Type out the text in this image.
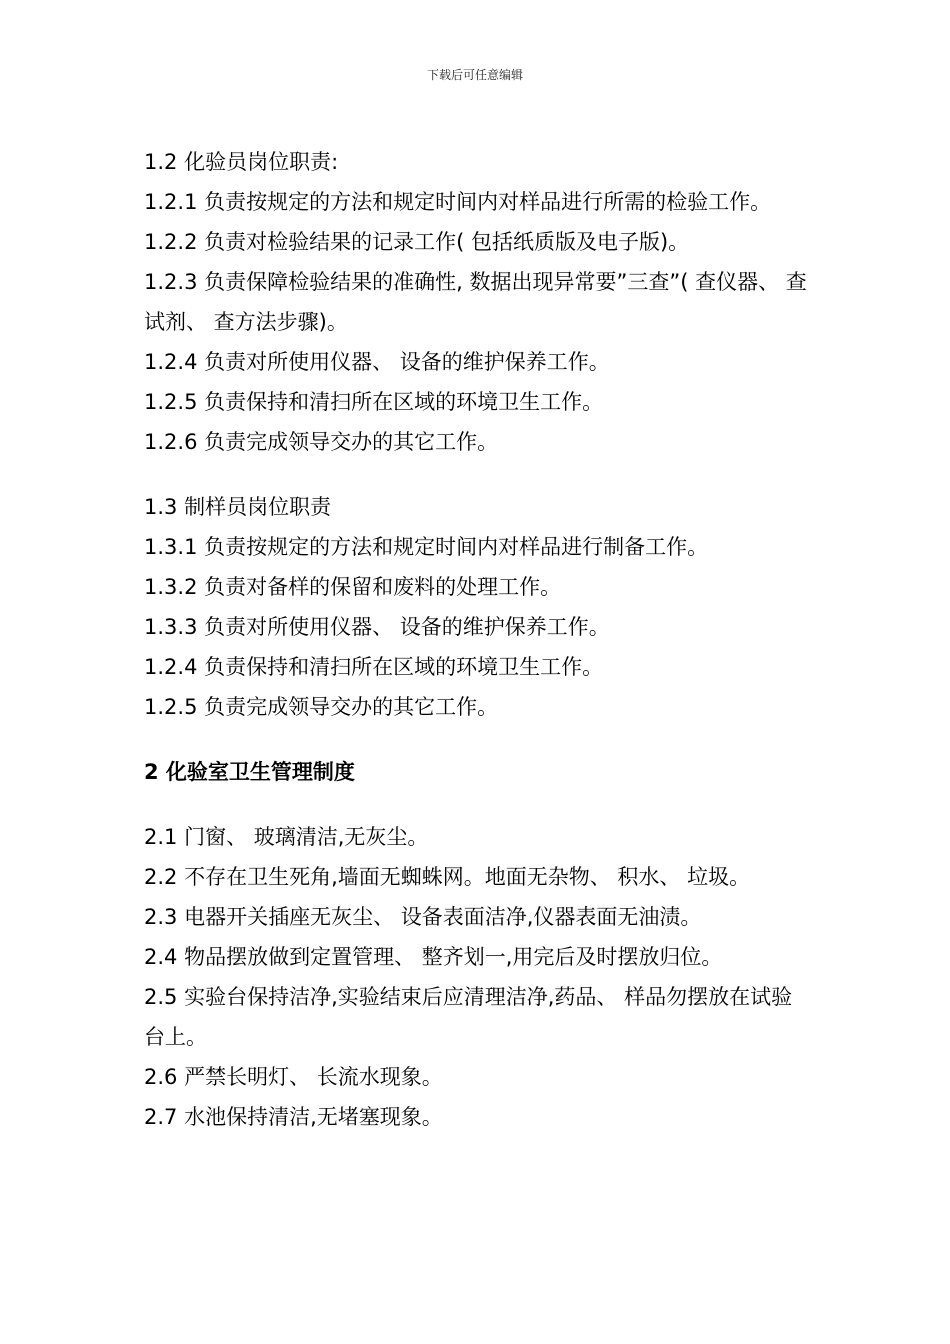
下载后可任意编辑

1.2 化验员岗位职责:

1.2.1 负责按规定的方法和规定时间内对样品进行所需的检验工作。

1.2.2 负责对检验结果的记录工作( 包括纸质版及电子版)。

1.2.3 负责保障检验结果的准确性, 数据出现异常要”三查”( 查仪器、 查试剂、 查方法步骤)。

1.2.4 负责对所使用仪器、 设备的维护保养工作。

1.2.5 负责保持和清扫所在区域的环境卫生工作。

1.2.6 负责完成领导交办的其它工作。

1.3 制样员岗位职责

1.3.1 负责按规定的方法和规定时间内对样品进行制备工作。

1.3.2 负责对备样的保留和废料的处理工作。

1.3.3 负责对所使用仪器、 设备的维护保养工作。

1.2.4 负责保持和清扫所在区域的环境卫生工作。

1.2.5 负责完成领导交办的其它工作。

2 化验室卫生管理制度

2.1 门窗、 玻璃清洁,无灰尘。

2.2 不存在卫生死角,墙面无蜘蛛网。地面无杂物、 积水、 垃圾。

2.3 电器开关插座无灰尘、 设备表面洁净,仪器表面无油渍。

2.4 物品摆放做到定置管理、 整齐划一,用完后及时摆放归位。

2.5 实验台保持洁净,实验结束后应清理洁净,药品、 样品勿摆放在试验台上。

2.6 严禁长明灯、 长流水现象。

2.7 水池保持清洁,无堵塞现象。
